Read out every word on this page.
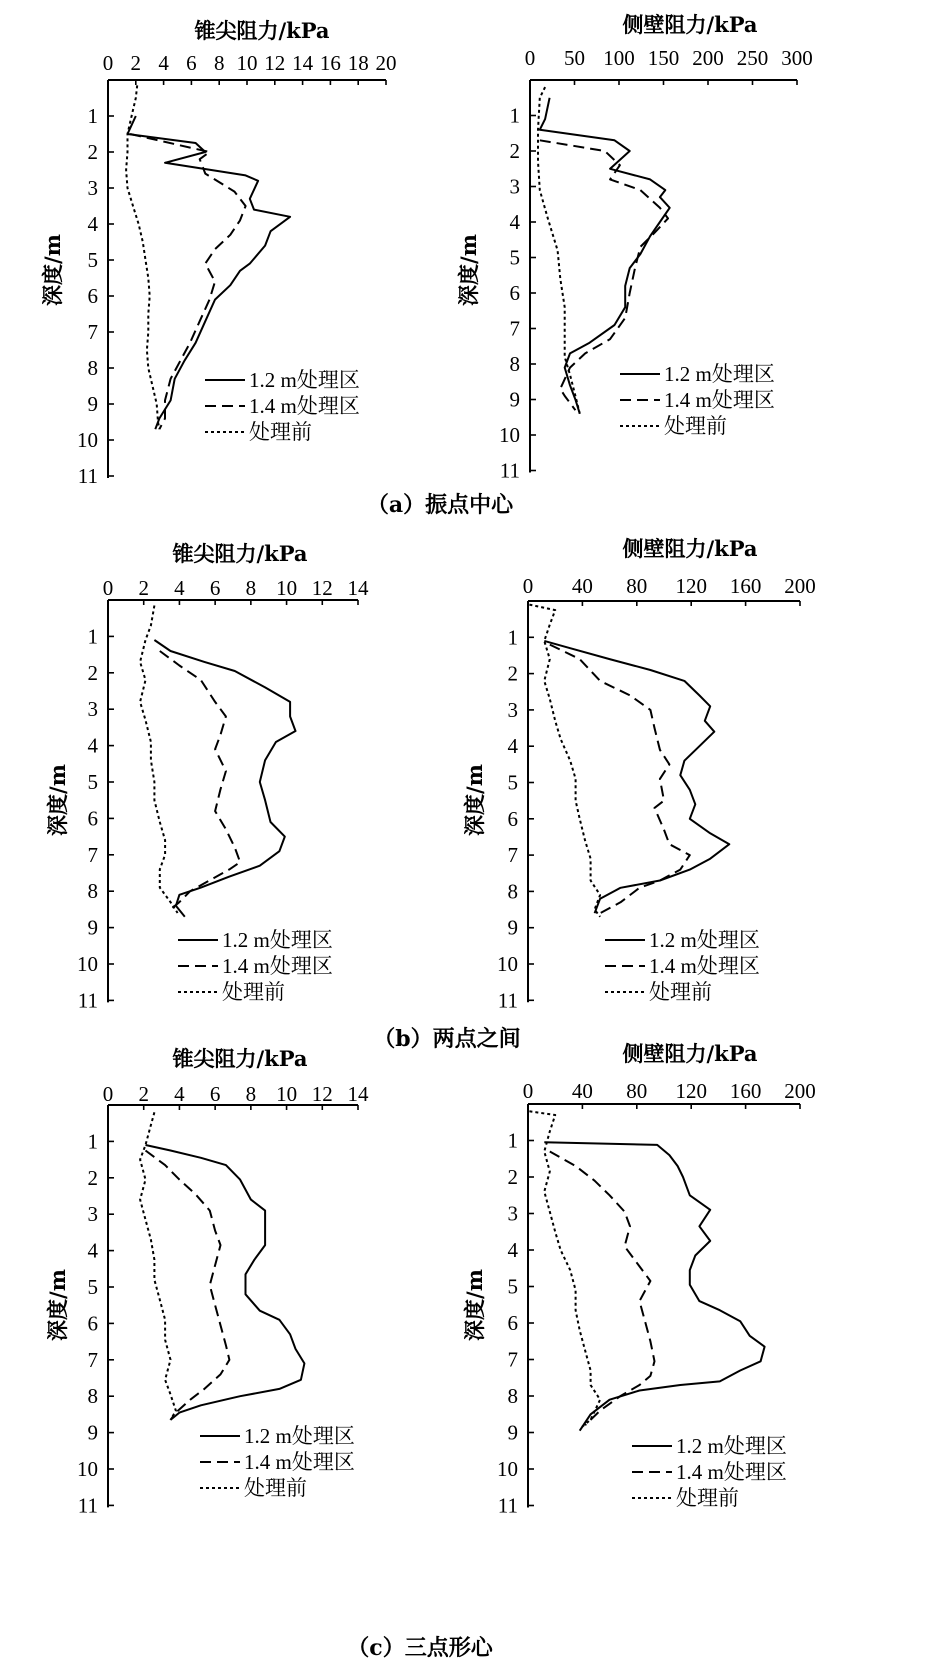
0 2 4 6 8 10 12 14 16 18 20
1
2
3
4
5
6
7
8
9
10
11
锥尖阻力/kPa
深度/m
1.2 m处理区
1.4 m处理区
处理前
0 50 100 150 200 250 300
1
2
3
4
5
6
7
8
9
10
11
侧壁阻力/kPa
深度/m
1.2 m处理区
1.4 m处理区
处理前
0 2 4 6 8 10 12 14
1
2
3
4
5
6
7
8
9
10
11
锥尖阻力/kPa
深度/m
1.2 m处理区
1.4 m处理区
处理前
0 40 80 120 160 200
1
2
3
4
5
6
7
8
9
10
11
侧壁阻力/kPa
深度/m
1.2 m处理区
1.4 m处理区
处理前
0 2 4 6 8 10 12 14
1
2
3
4
5
6
7
8
9
10
11
锥尖阻力/kPa
深度/m
1.2 m处理区
1.4 m处理区
处理前
0 40 80 120 160 200
1
2
3
4
5
6
7
8
9
10
11
侧壁阻力/kPa
深度/m
1.2 m处理区
1.4 m处理区
处理前
（a）振点中心
（b）两点之间
（c）三点形心
